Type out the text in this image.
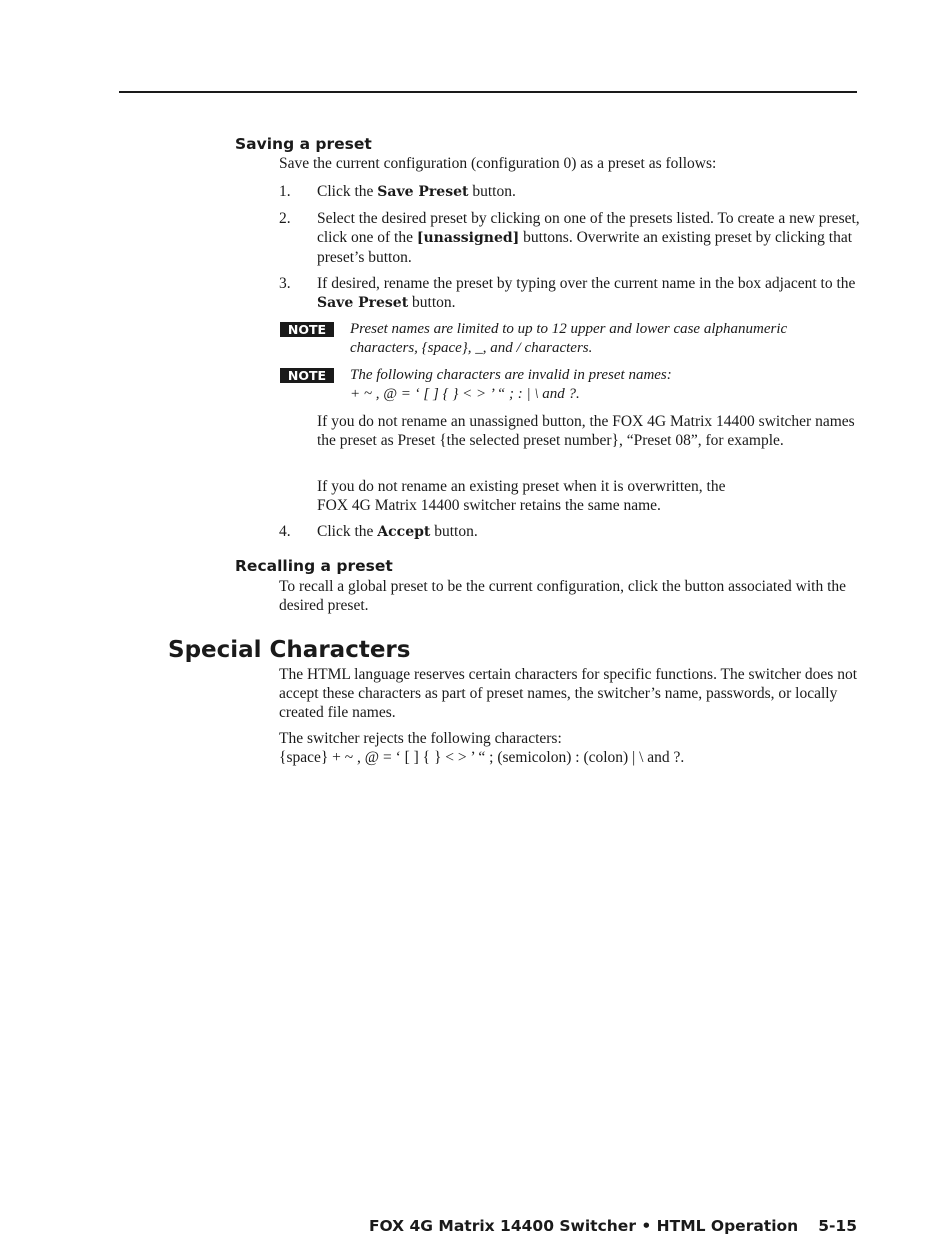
Saving a preset
Save the current configuration (configuration 0) as a preset as follows:
1. Click the Save Preset button.
2. Select the desired preset by clicking on one of the presets listed. To create a new preset, click one of the [unassigned] buttons. Overwrite an existing preset by clicking that preset’s button.
3. If desired, rename the preset by typing over the current name in the box adjacent to the Save Preset button.
NOTE	Preset names are limited to up to 12 upper and lower case alphanumeric
characters, {space}, _, and / characters.
NOTE	The following characters are invalid in preset names:
+ ~ , @ = ‘ [ ] { } < > ’ “ ; : | \ and ?.
If you do not rename an unassigned button, the FOX 4G Matrix 14400 switcher names the preset as Preset {the selected preset number}, “Preset 08”, for example.
If you do not rename an existing preset when it is overwritten, the
FOX 4G Matrix 14400 switcher retains the same name.
4. Click the Accept button.
Recalling a preset
To recall a global preset to be the current configuration, click the button associated with the desired preset.
Special Characters
The HTML language reserves certain characters for specific functions. The switcher does not accept these characters as part of preset names, the switcher’s name, passwords, or locally created file names.
The switcher rejects the following characters:
{space} + ~ , @ = ‘ [ ] { } < > ’ “ ; (semicolon) : (colon) | \ and ?.
FOX 4G Matrix 14400 Switcher • HTML Operation 5-15
